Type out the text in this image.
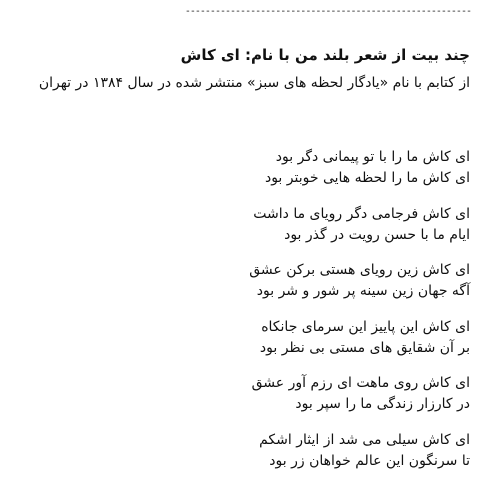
---------------------------------------------------------
چند بیت از شعر بلند من با نام: ای کاش
از کتابم با نام «یادگار لحظه های سبز» منتشر شده در سال ۱۳۸۴ در تهران
ای کاش ما را با تو پیمانی دگر بود
ای کاش ما را لحظه هایی خوبتر بود
ای کاش فرجامی دگر رویای ما داشت
ایام ما با حسن رویت در گذر بود
ای کاش زین رویای هستی برکن عشق
آگه جهان زین سینه پر شور و شر بود
ای کاش این پاییز این سرمای جانکاه
بر آن شقایق های مستی بی نظر بود
ای کاش روی ماهت ای رزم آور عشق
در کارزار زندگی ما را سپر بود
ای کاش سیلی می شد از ایثار اشکم
تا سرنگون این عالم خواهان زر بود
